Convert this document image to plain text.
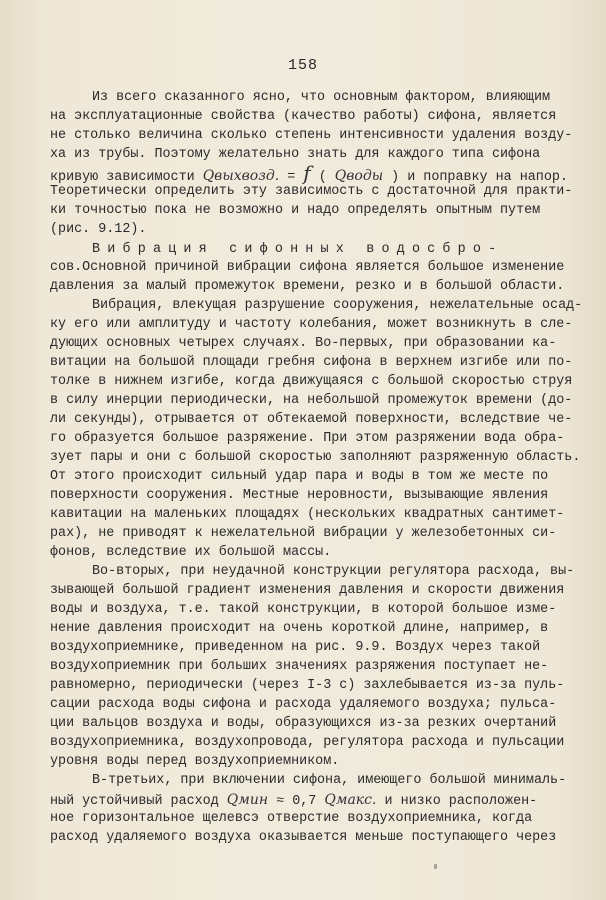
158
Из всего сказанного ясно, что основным фактором, влияющим
на эксплуатационные свойства (качество работы) сифона, является
не столько величина сколько степень интенсивности удаления возду-
ха из трубы. Поэтому желательно знать для каждого типа сифона
кривую зависимости Qвыхвозд. = f ( Qводы ) и поправку на напор.
Теоретически определить эту зависимость с достаточной для практи-
ки точностью пока не возможно и надо определять опытным путем
(рис. 9.12).
Вибрация сифонных водосбро-
сов.Основной причиной вибрации сифона является большое изменение
давления за малый промежуток времени, резко и в большой области.
Вибрация, влекущая разрушение сооружения, нежелательные осад-
ку его или амплитуду и частоту колебания, может возникнуть в сле-
дующих основных четырех случаях. Во-первых, при образовании ка-
витации на большой площади гребня сифона в верхнем изгибе или по-
толке в нижнем изгибе, когда движущаяся с большой скоростью струя
в силу инерции периодически, на небольшой промежуток времени (до-
ли секунды), отрывается от обтекаемой поверхности, вследствие че-
го образуется большое разряжение. При этом разряжении вода обра-
зует пары и они с большой скоростью заполняют разряженную область.
От этого происходит сильный удар пара и воды в том же месте по
поверхности сооружения. Местные неровности, вызывающие явления
кавитации на маленьких площадях (нескольких квадратных сантимет-
рах), не приводят к нежелательной вибрации у железобетонных си-
фонов, вследствие их большой массы.
Во-вторых, при неудачной конструкции регулятора расхода, вы-
зывающей большой градиент изменения давления и скорости движения
воды и воздуха, т.е. такой конструкции, в которой большое изме-
нение давления происходит на очень короткой длине, например, в
воздухоприемнике, приведенном на рис. 9.9. Воздух через такой
воздухоприемник при больших значениях разряжения поступает не-
равномерно, периодически (через I-3 с) захлебывается из-за пуль-
сации расхода воды сифона и расхода удаляемого воздуха; пульса-
ции вальцов воздуха и воды, образующихся из-за резких очертаний
воздухоприемника, воздухопровода, регулятора расхода и пульсации
уровня воды перед воздухоприемником.
В-третьих, при включении сифона, имеющего большой минималь-
ный устойчивый расход Qмин ≈ 0,7 Qмакс. и низко расположен-
ное горизонтальное щелевсэ отверстие воздухоприемника, когда
расход удаляемого воздуха оказывается меньше поступающего через
